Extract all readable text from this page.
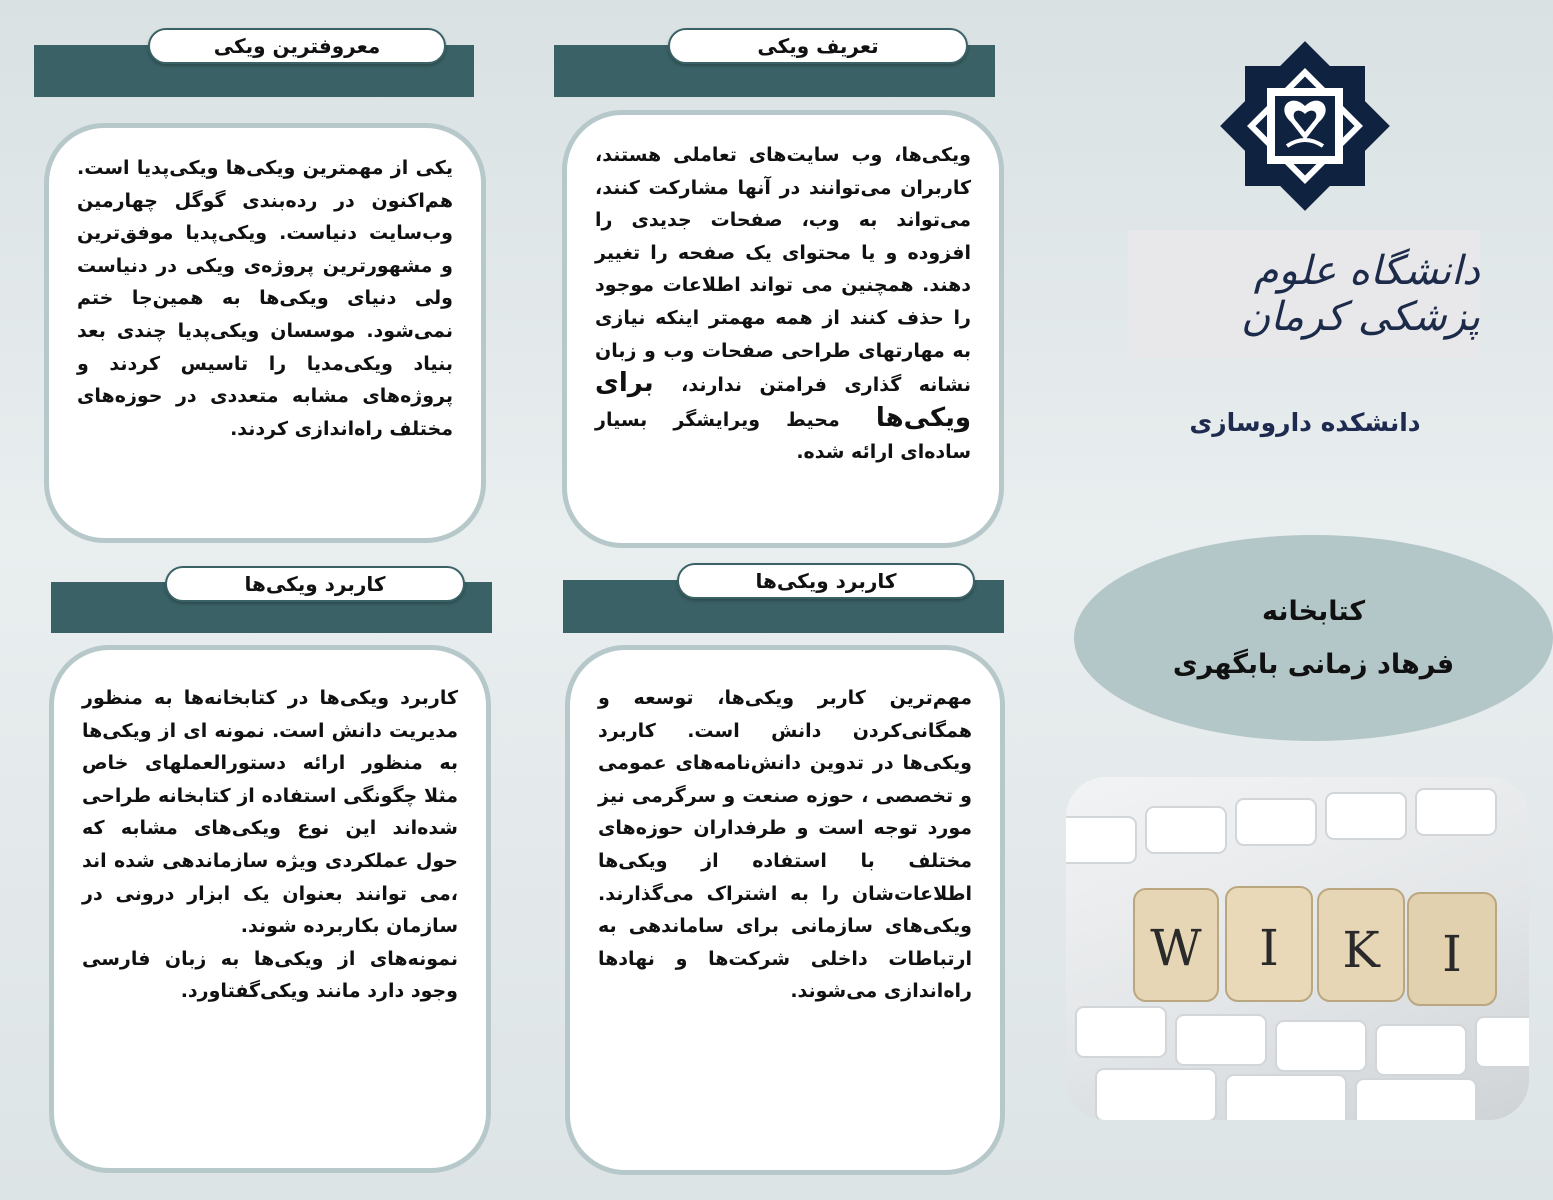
معروفترین ویکی

یکی از مهمترین ویکی‌ها ویکی‌پدیا است. هم‌اکنون در رده‌بندی گوگل چهارمین وب‌سایت دنیاست. ویکی‌پدیا موفق‌ترین و مشهورترین پروژه‌ی ویکی در دنیاست ولی دنیای ویکی‌ها به همین‌جا ختم نمی‌شود. موسسان ویکی‌پدیا چندی بعد بنیاد ویکی‌مدیا را تاسیس کردند و پروژه‌های مشابه متعددی در حوزه‌های مختلف راه‌اندازی کردند.

تعریف ویکی

ویکی‌ها، وب سایت‌های تعاملی هستند، کاربران می‌توانند در آنها مشارکت کنند، می‌تواند به وب، صفحات جدیدی را افزوده و یا محتوای یک صفحه را تغییر دهند. همچنین می تواند اطلاعات موجود را حذف کنند از همه مهمتر اینکه نیازی به مهارتهای طراحی صفحات وب و زبان نشانه گذاری فرامتن ندارند، برای ویکی‌ها محیط ویرایشگر بسیار ساده‌ای ارائه شده.

کاربرد ویکی‌ها

کاربرد ویکی‌ها در کتابخانه‌ها به منظور مدیریت دانش است. نمونه ای از ویکی‌ها به منظور ارائه دستورالعملهای خاص مثلا چگونگی استفاده از کتابخانه طراحی شده‌اند این نوع ویکی‌های مشابه که حول عملکردی ویژه سازماندهی شده اند ،می توانند بعنوان یک ابزار درونی در سازمان بکاربرده شوند.

نمونه‌های از ویکی‌ها به زبان فارسی وجود دارد مانند ویکی‌گفتاورد.

کاربرد ویکی‌ها

مهم‌ترین کاربر ویکی‌ها، توسعه و همگانی‌کردن دانش است. کاربرد ویکی‌ها در تدوین دانش‌نامه‌های عمومی و تخصصی ، حوزه صنعت و سرگرمی نیز مورد توجه است و طرفداران حوزه‌های مختلف با استفاده از ویکی‌ها اطلاعات‌شان را به اشتراک می‌گذارند. ویکی‌های سازمانی برای ساماندهی به ارتباطات داخلی شرکت‌ها و نهادها راه‌اندازی می‌شوند.

دانشگاه علوم پزشکی کرمان
دانشکده داروسازی
کتابخانه
فرهاد زمانی بابگهری
W I K I
